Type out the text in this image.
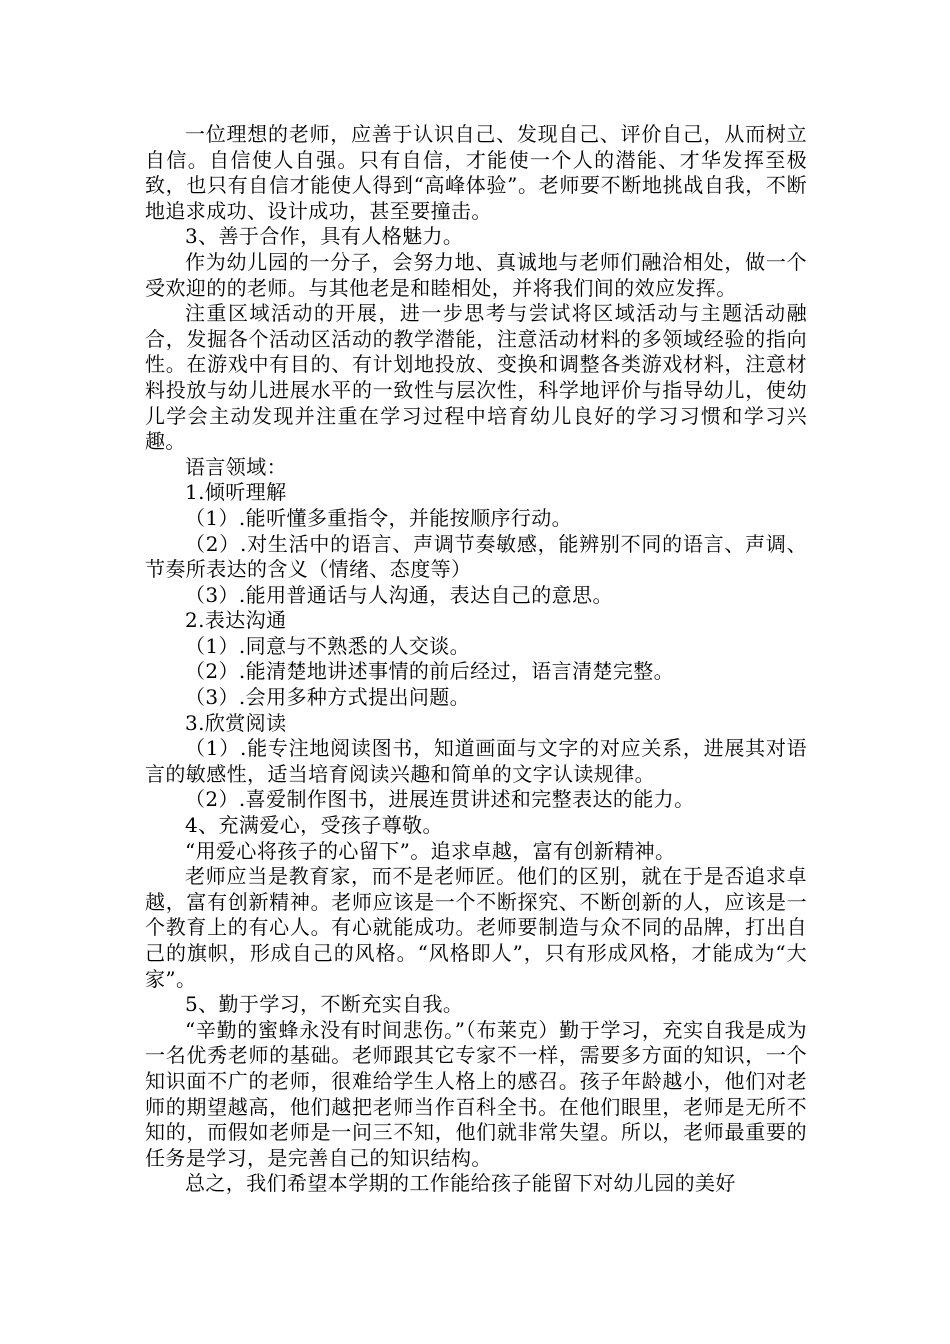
一位理想的老师，应善于认识自己、发现自己、评价自己，从而树立自信。自信使人自强。只有自信，才能使一个人的潜能、才华发挥至极致，也只有自信才能使人得到“高峰体验”。老师要不断地挑战自我，不断地追求成功、设计成功，甚至要撞击。

3、善于合作，具有人格魅力。

作为幼儿园的一分子，会努力地、真诚地与老师们融洽相处，做一个受欢迎的的老师。与其他老是和睦相处，并将我们间的效应发挥。

注重区域活动的开展，进一步思考与尝试将区域活动与主题活动融合，发掘各个活动区活动的教学潜能，注意活动材料的多领域经验的指向性。在游戏中有目的、有计划地投放、变换和调整各类游戏材料，注意材料投放与幼儿进展水平的一致性与层次性，科学地评价与指导幼儿，使幼儿学会主动发现并注重在学习过程中培育幼儿良好的学习习惯和学习兴趣。

语言领域：

1.倾听理解

（1）.能听懂多重指令，并能按顺序行动。

（2）.对生活中的语言、声调节奏敏感，能辨别不同的语言、声调、节奏所表达的含义（情绪、态度等）

（3）.能用普通话与人沟通，表达自己的意思。

2.表达沟通

（1）.同意与不熟悉的人交谈。

（2）.能清楚地讲述事情的前后经过，语言清楚完整。

（3）.会用多种方式提出问题。

3.欣赏阅读

（1）.能专注地阅读图书，知道画面与文字的对应关系，进展其对语言的敏感性，适当培育阅读兴趣和简单的文字认读规律。

（2）.喜爱制作图书，进展连贯讲述和完整表达的能力。

4、充满爱心，受孩子尊敬。

“用爱心将孩子的心留下”。追求卓越，富有创新精神。

老师应当是教育家，而不是老师匠。他们的区别，就在于是否追求卓越，富有创新精神。老师应该是一个不断探究、不断创新的人，应该是一个教育上的有心人。有心就能成功。老师要制造与众不同的品牌，打出自己的旗帜，形成自己的风格。“风格即人”，只有形成风格，才能成为“大家”。

5、勤于学习，不断充实自我。

“辛勤的蜜蜂永没有时间悲伤。”（布莱克）勤于学习，充实自我是成为一名优秀老师的基础。老师跟其它专家不一样，需要多方面的知识，一个知识面不广的老师，很难给学生人格上的感召。孩子年龄越小，他们对老师的期望越高，他们越把老师当作百科全书。在他们眼里，老师是无所不知的，而假如老师是一问三不知，他们就非常失望。所以，老师最重要的任务是学习，是完善自己的知识结构。

总之，我们希望本学期的工作能给孩子能留下对幼儿园的美好
